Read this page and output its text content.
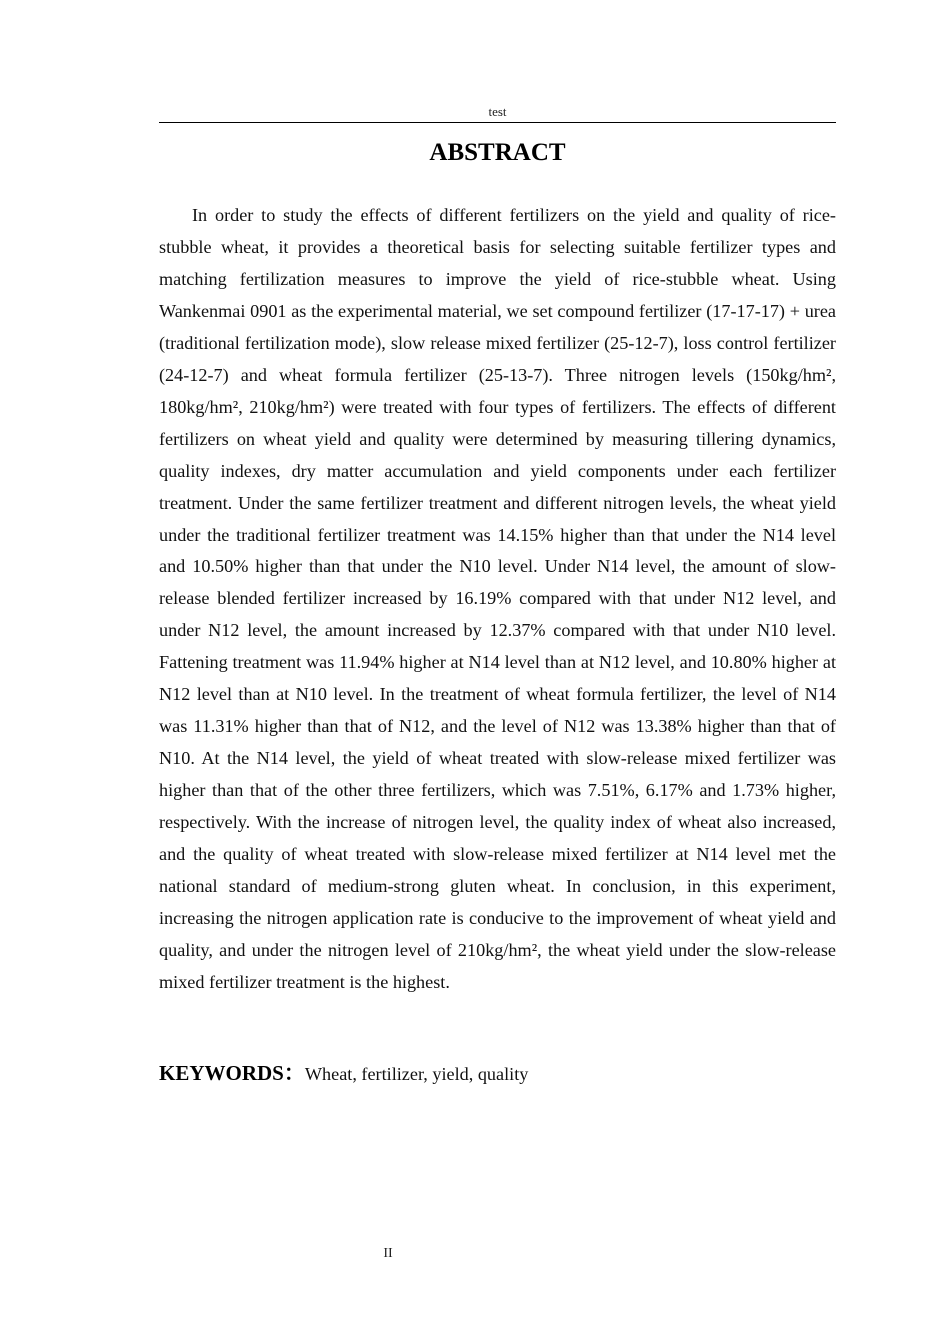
test
ABSTRACT

In order to study the effects of different fertilizers on the yield and quality of rice-stubble wheat, it provides a theoretical basis for selecting suitable fertilizer types and matching fertilization measures to improve the yield of rice-stubble wheat. Using Wankenmai 0901 as the experimental material, we set compound fertilizer (17-17-17) + urea (traditional fertilization mode), slow release mixed fertilizer (25-12-7), loss control fertilizer (24-12-7) and wheat formula fertilizer (25-13-7). Three nitrogen levels (150kg/hm², 180kg/hm², 210kg/hm²) were treated with four types of fertilizers. The effects of different fertilizers on wheat yield and quality were determined by measuring tillering dynamics, quality indexes, dry matter accumulation and yield components under each fertilizer treatment. Under the same fertilizer treatment and different nitrogen levels, the wheat yield under the traditional fertilizer treatment was 14.15% higher than that under the N14 level and 10.50% higher than that under the N10 level. Under N14 level, the amount of slow-release blended fertilizer increased by 16.19% compared with that under N12 level, and under N12 level, the amount increased by 12.37% compared with that under N10 level. Fattening treatment was 11.94% higher at N14 level than at N12 level, and 10.80% higher at N12 level than at N10 level. In the treatment of wheat formula fertilizer, the level of N14 was 11.31% higher than that of N12, and the level of N12 was 13.38% higher than that of N10. At the N14 level, the yield of wheat treated with slow-release mixed fertilizer was higher than that of the other three fertilizers, which was 7.51%, 6.17% and 1.73% higher, respectively. With the increase of nitrogen level, the quality index of wheat also increased, and the quality of wheat treated with slow-release mixed fertilizer at N14 level met the national standard of medium-strong gluten wheat. In conclusion, in this experiment, increasing the nitrogen application rate is conducive to the improvement of wheat yield and quality, and under the nitrogen level of 210kg/hm², the wheat yield under the slow-release mixed fertilizer treatment is the highest.

KEYWORDS：Wheat, fertilizer, yield, quality
II
